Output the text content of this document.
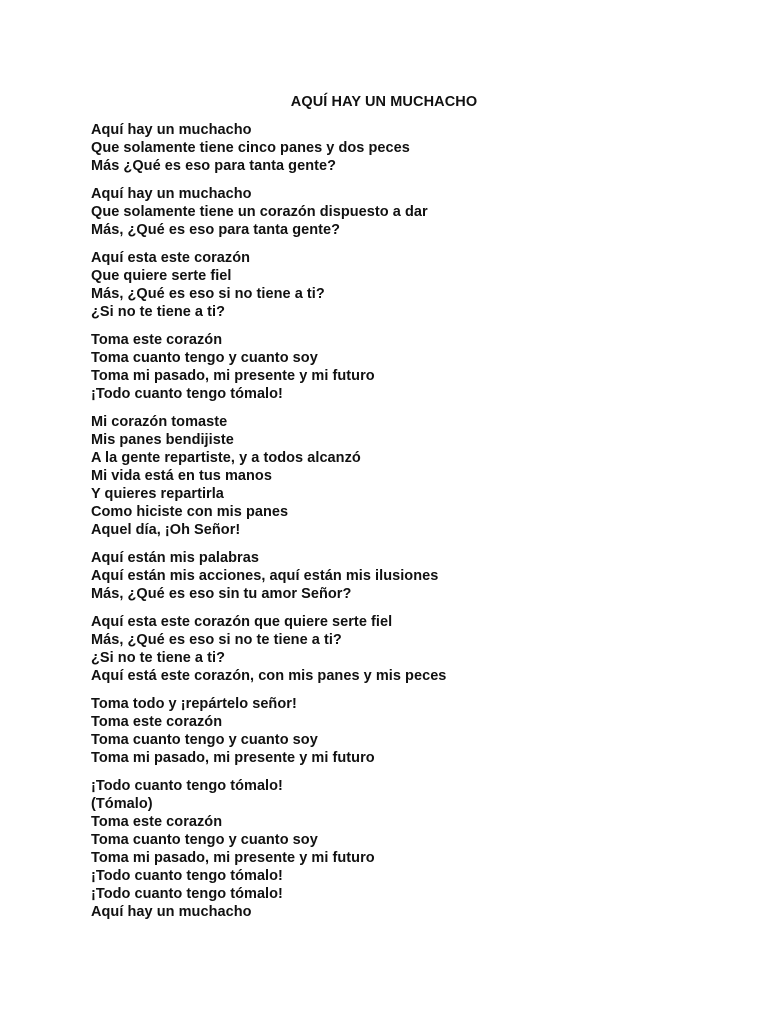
AQUÍ HAY UN MUCHACHO
Aquí hay un muchacho
Que solamente tiene cinco panes y dos peces
Más ¿Qué es eso para tanta gente?
Aquí hay un muchacho
Que solamente tiene un corazón dispuesto a dar
Más, ¿Qué es eso para tanta gente?
Aquí esta este corazón
Que quiere serte fiel
Más, ¿Qué es eso si no tiene a ti?
¿Si no te tiene a ti?
Toma este corazón
Toma cuanto tengo y cuanto soy
Toma mi pasado, mi presente y mi futuro
¡Todo cuanto tengo tómalo!
Mi corazón tomaste
Mis panes bendijiste
A la gente repartiste, y a todos alcanzó
Mi vida está en tus manos
Y quieres repartirla
Como hiciste con mis panes
Aquel día, ¡Oh Señor!
Aquí están mis palabras
Aquí están mis acciones, aquí están mis ilusiones
Más, ¿Qué es eso sin tu amor Señor?
Aquí esta este corazón que quiere serte fiel
Más, ¿Qué es eso si no te tiene a ti?
¿Si no te tiene a ti?
Aquí está este corazón, con mis panes y mis peces
Toma todo y ¡repártelo señor!
Toma este corazón
Toma cuanto tengo y cuanto soy
Toma mi pasado, mi presente y mi futuro
¡Todo cuanto tengo tómalo!
(Tómalo)
Toma este corazón
Toma cuanto tengo y cuanto soy
Toma mi pasado, mi presente y mi futuro
¡Todo cuanto tengo tómalo!
¡Todo cuanto tengo tómalo!
Aquí hay un muchacho
